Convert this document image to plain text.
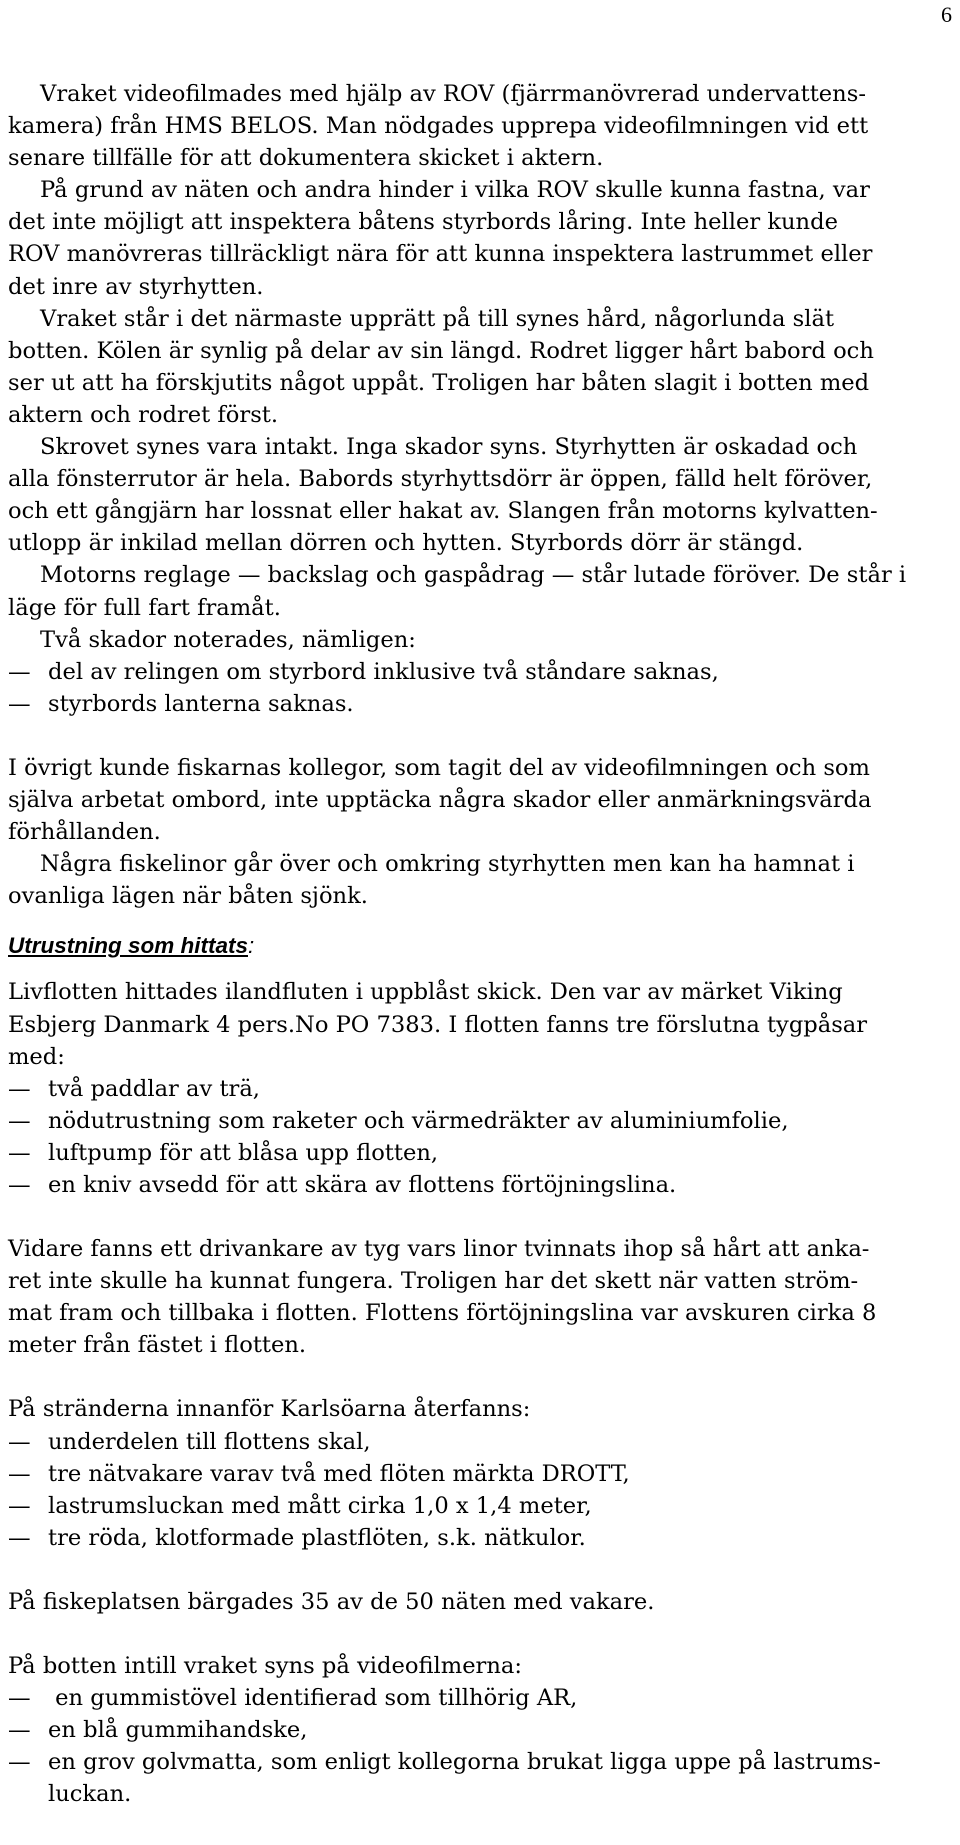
6
Vraket videofilmades med hjälp av ROV (fjärrmanövrerad undervattens-
kamera) från HMS BELOS. Man nödgades upprepa videofilmningen vid ett
senare tillfälle för att dokumentera skicket i aktern.
På grund av näten och andra hinder i vilka ROV skulle kunna fastna, var
det inte möjligt att inspektera båtens styrbords låring. Inte heller kunde
ROV manövreras tillräckligt nära för att kunna inspektera lastrummet eller
det inre av styrhytten.
Vraket står i det närmaste upprätt på till synes hård, någorlunda slät
botten. Kölen är synlig på delar av sin längd. Rodret ligger hårt babord och
ser ut att ha förskjutits något uppåt. Troligen har båten slagit i botten med
aktern och rodret först.
Skrovet synes vara intakt. Inga skador syns. Styrhytten är oskadad och
alla fönsterrutor är hela. Babords styrhyttsdörr är öppen, fälld helt föröver,
och ett gångjärn har lossnat eller hakat av. Slangen från motorns kylvatten-
utlopp är inkilad mellan dörren och hytten. Styrbords dörr är stängd.
Motorns reglage — backslag och gaspådrag — står lutade föröver. De står i
läge för full fart framåt.
Två skador noterades, nämligen:
— del av relingen om styrbord inklusive två ståndare saknas,
— styrbords lanterna saknas.
I övrigt kunde fiskarnas kollegor, som tagit del av videofilmningen och som
själva arbetat ombord, inte upptäcka några skador eller anmärkningsvärda
förhållanden.
Några fiskelinor går över och omkring styrhytten men kan ha hamnat i
ovanliga lägen när båten sjönk.
Utrustning som hittats:
Livflotten hittades ilandfluten i uppblåst skick. Den var av märket Viking
Esbjerg Danmark 4 pers.No PO 7383. I flotten fanns tre förslutna tygpåsar
med:
— två paddlar av trä,
— nödutrustning som raketer och värmedräkter av aluminiumfolie,
— luftpump för att blåsa upp flotten,
— en kniv avsedd för att skära av flottens förtöjningslina.
Vidare fanns ett drivankare av tyg vars linor tvinnats ihop så hårt att anka-
ret inte skulle ha kunnat fungera. Troligen har det skett när vatten ström-
mat fram och tillbaka i flotten. Flottens förtöjningslina var avskuren cirka 8
meter från fästet i flotten.
På stränderna innanför Karlsöarna återfanns:
— underdelen till flottens skal,
— tre nätvakare varav två med flöten märkta DROTT,
— lastrumsluckan med mått cirka 1,0 x 1,4 meter,
— tre röda, klotformade plastflöten, s.k. nätkulor.
På fiskeplatsen bärgades 35 av de 50 näten med vakare.
På botten intill vraket syns på videofilmerna:
— en gummistövel identifierad som tillhörig AR,
— en blå gummihandske,
— en grov golvmatta, som enligt kollegorna brukat ligga uppe på lastrums-
luckan.
